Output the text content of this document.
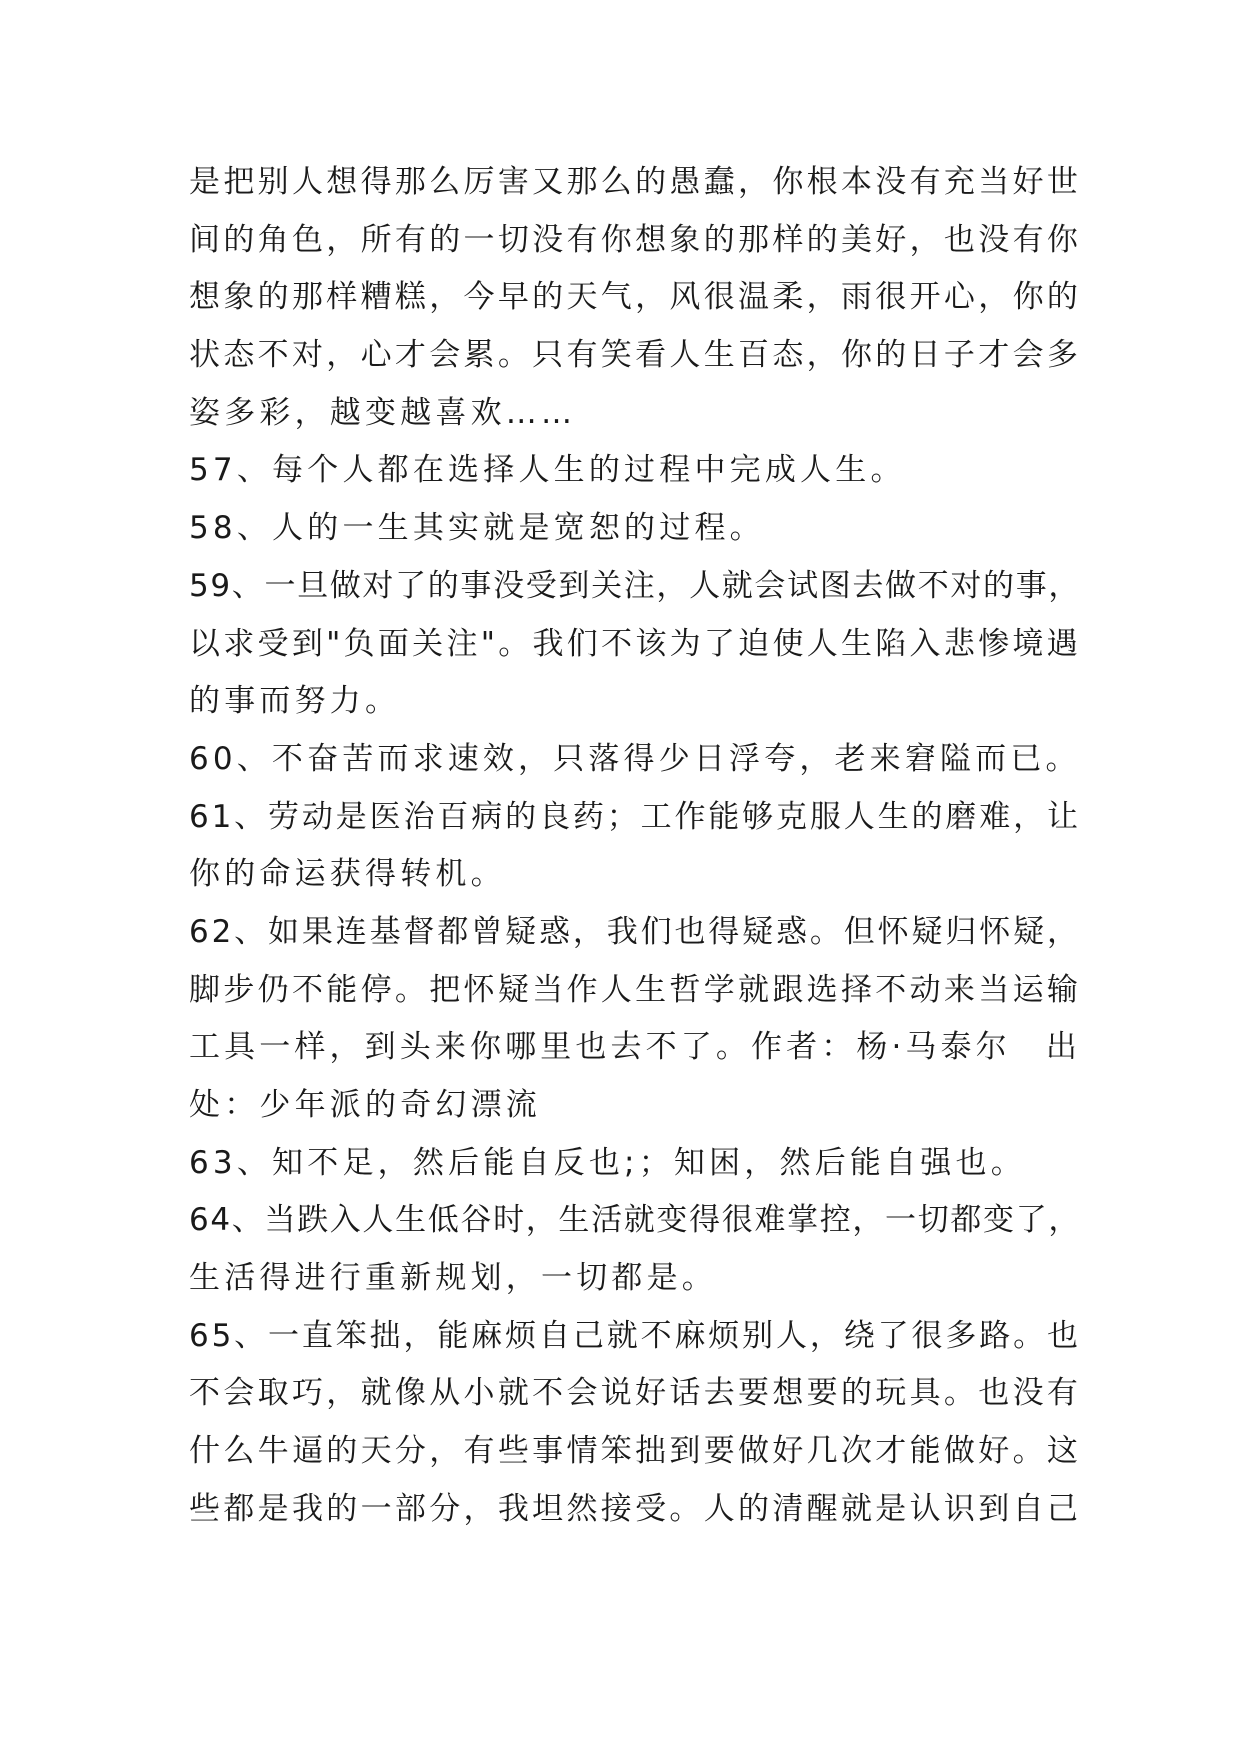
是把别人想得那么厉害又那么的愚蠢，你根本没有充当好世
间的角色，所有的一切没有你想象的那样的美好，也没有你
想象的那样糟糕，今早的天气，风很温柔，雨很开心，你的
状态不对，心才会累。只有笑看人生百态，你的日子才会多
姿多彩，越变越喜欢……
57、每个人都在选择人生的过程中完成人生。
58、人的一生其实就是宽恕的过程。
59、一旦做对了的事没受到关注，人就会试图去做不对的事，
以求受到"负面关注"。我们不该为了迫使人生陷入悲惨境遇
的事而努力。
60、不奋苦而求速效，只落得少日浮夸，老来窘隘而已。
61、劳动是医治百病的良药；工作能够克服人生的磨难，让
你的命运获得转机。
62、如果连基督都曾疑惑，我们也得疑惑。但怀疑归怀疑，
脚步仍不能停。把怀疑当作人生哲学就跟选择不动来当运输
工具一样，到头来你哪里也去不了。作者：杨·马泰尔　出
处：少年派的奇幻漂流
63、知不足，然后能自反也;；知困，然后能自强也。
64、当跌入人生低谷时，生活就变得很难掌控，一切都变了，
生活得进行重新规划，一切都是。
65、一直笨拙，能麻烦自己就不麻烦别人，绕了很多路。也
不会取巧，就像从小就不会说好话去要想要的玩具。也没有
什么牛逼的天分，有些事情笨拙到要做好几次才能做好。这
些都是我的一部分，我坦然接受。人的清醒就是认识到自己
